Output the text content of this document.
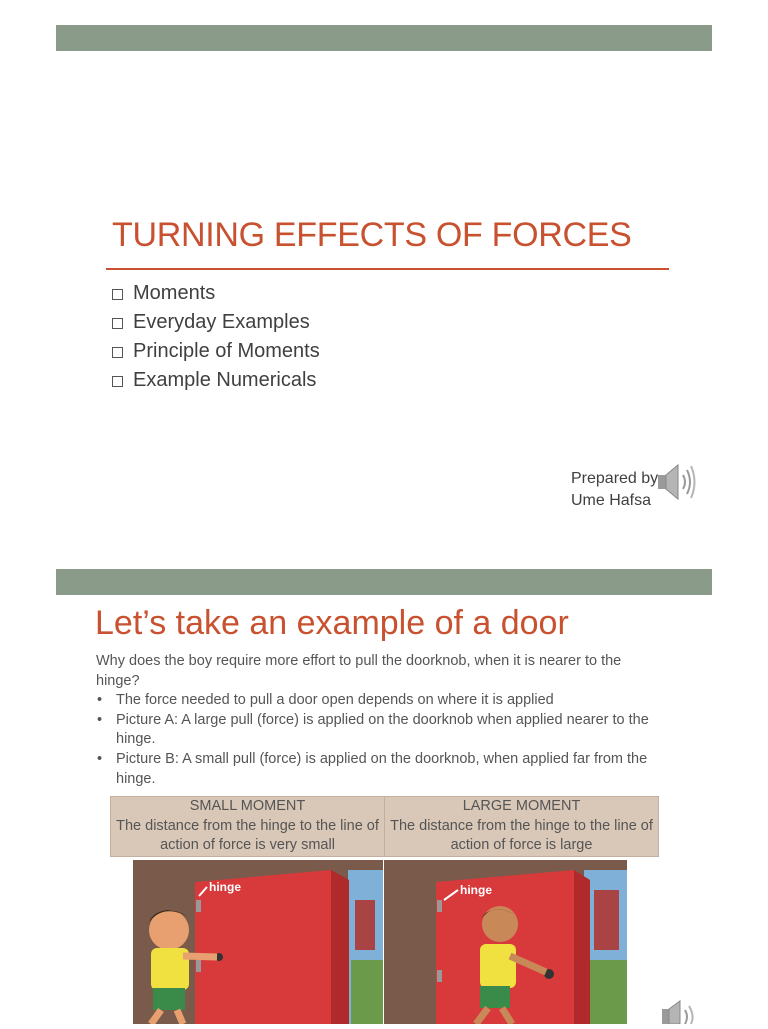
TURNING EFFECTS OF FORCES
Moments
Everyday Examples
Principle of Moments
Example Numericals
Prepared by
Ume Hafsa
Let’s take an example of a door

Why does the boy require more effort to pull the doorknob, when it is nearer to the hinge?

• The force needed to pull a door open depends on where it is applied
• Picture A: A large pull (force) is applied on the doorknob when applied nearer to the hinge.
• Picture B: A small pull (force) is applied on the doorknob, when applied far from the hinge.
SMALL MOMENT
The distance from the hinge to the line of action of force is very small

LARGE MOMENT
The distance from the hinge to the line of action of force is large
hinge	hinge
